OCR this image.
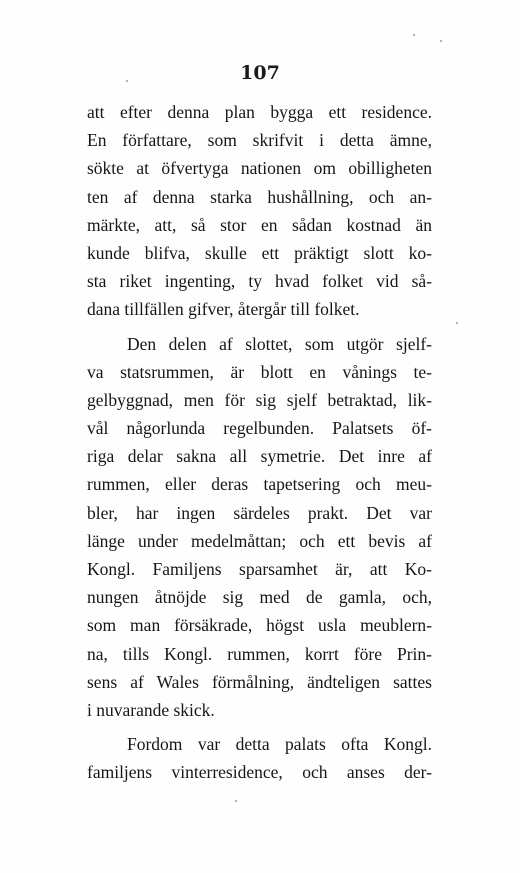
107
att efter denna plan bygga ett residence.
En författare, som skrifvit i detta ämne,
sökte at öfvertyga nationen om obilligheten
ten af denna starka hushållning, och an-
märkte, att, så stor en sådan kostnad än
kunde blifva, skulle ett präktigt slott ko-
sta riket ingenting, ty hvad folket vid så-
dana tillfällen gifver, återgår till folket.
Den delen af slottet, som utgör sjelf-
va statsrummen, är blott en vånings te-
gelbyggnad, men för sig sjelf betraktad, lik-
vål någorlunda regelbunden. Palatsets öf-
riga delar sakna all symetrie. Det inre af
rummen, eller deras tapetsering och meu-
bler, har ingen särdeles prakt. Det var
länge under medelmåttan; och ett bevis af
Kongl. Familjens sparsamhet är, att Ko-
nungen åtnöjde sig med de gamla, och,
som man försäkrade, högst usla meublern-
na, tills Kongl. rummen, korrt före Prin-
sens af Wales förmålning, ändteligen sattes
i nuvarande skick.
Fordom var detta palats ofta Kongl.
familjens vinterresidence, och anses der-
